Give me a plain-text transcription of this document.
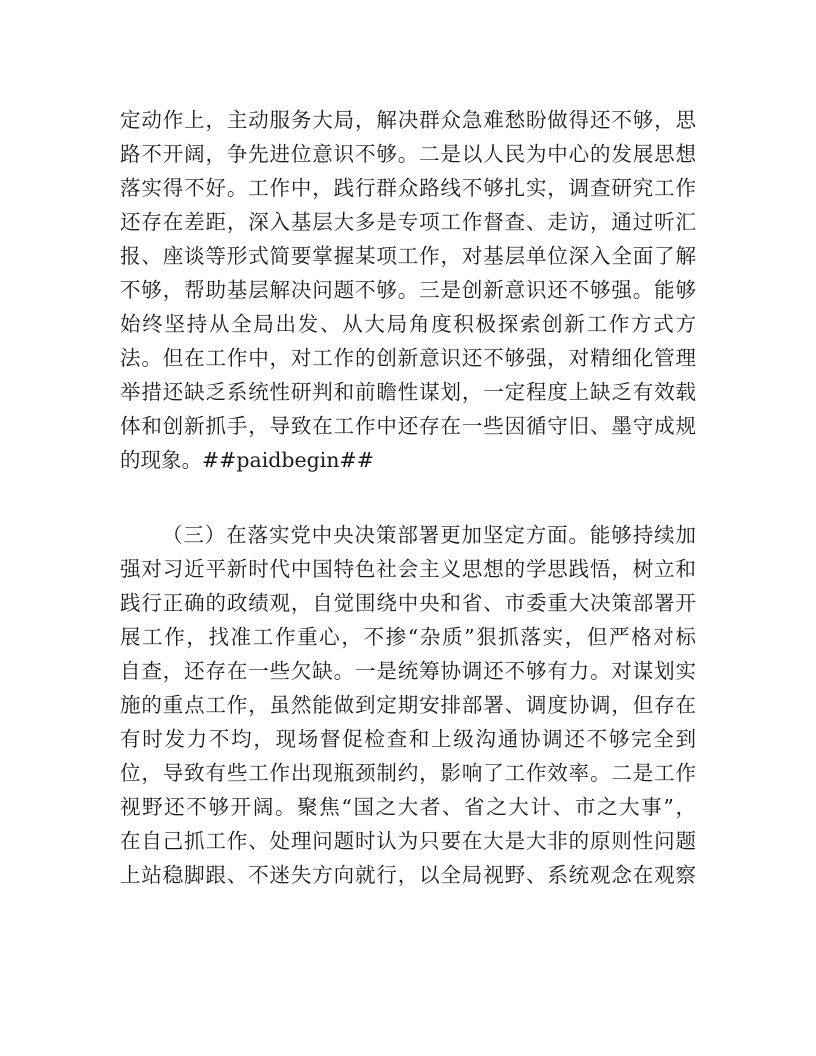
定动作上，主动服务大局，解决群众急难愁盼做得还不够，思
路不开阔，争先进位意识不够。二是以人民为中心的发展思想
落实得不好。工作中，践行群众路线不够扎实，调查研究工作
还存在差距，深入基层大多是专项工作督查、走访，通过听汇
报、座谈等形式简要掌握某项工作，对基层单位深入全面了解
不够，帮助基层解决问题不够。三是创新意识还不够强。能够
始终坚持从全局出发、从大局角度积极探索创新工作方式方
法。但在工作中，对工作的创新意识还不够强，对精细化管理
举措还缺乏系统性研判和前瞻性谋划，一定程度上缺乏有效载
体和创新抓手，导致在工作中还存在一些因循守旧、墨守成规
的现象。##paidbegin##
（三）在落实党中央决策部署更加坚定方面。能够持续加
强对习近平新时代中国特色社会主义思想的学思践悟，树立和
践行正确的政绩观，自觉围绕中央和省、市委重大决策部署开
展工作，找准工作重心，不掺“杂质”狠抓落实，但严格对标
自查，还存在一些欠缺。一是统筹协调还不够有力。对谋划实
施的重点工作，虽然能做到定期安排部署、调度协调，但存在
有时发力不均，现场督促检查和上级沟通协调还不够完全到
位，导致有些工作出现瓶颈制约，影响了工作效率。二是工作
视野还不够开阔。聚焦“国之大者、省之大计、市之大事”，
在自己抓工作、处理问题时认为只要在大是大非的原则性问题
上站稳脚跟、不迷失方向就行，以全局视野、系统观念在观察
